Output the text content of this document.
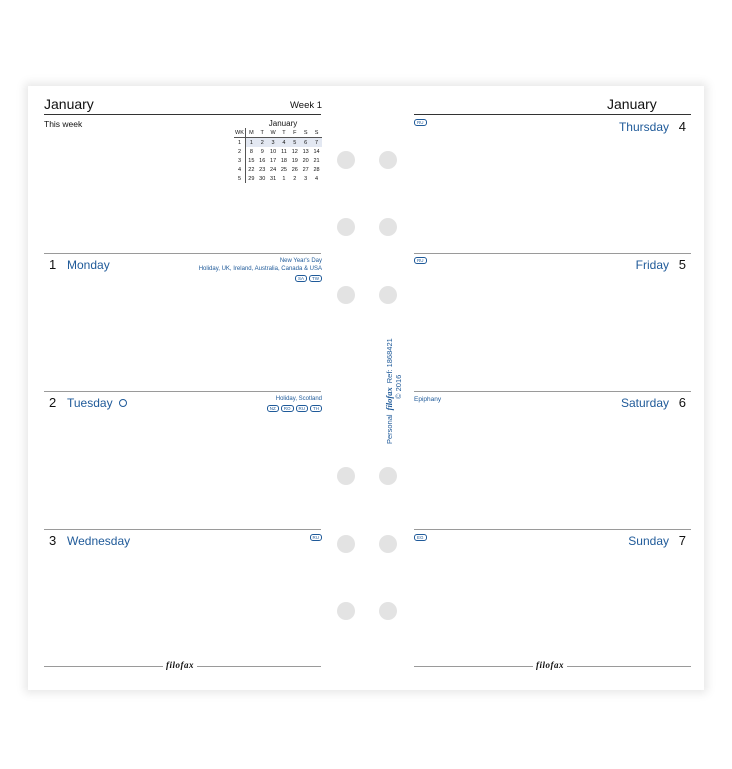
January	Week 1
This week	January
WK	M	T	W	T	F	S	S
1	1	2	3	4	5	6	7
2	8	9	10	11	12	13	14
3	15	16	17	18	19	20	21
4	22	23	24	25	26	27	28
5	29	30	31	1	2	3	4
1 Monday	New Year's Day
Holiday, UK, Ireland, Australia, Canada & USA
SA	TW
2 Tuesday	Holiday, Scotland
NZ	RO	RU	TH
3 Wednesday	RU
filofax
Personal
filofax
Ref: 1868421
© 2016
January
RU	Thursday 4
RU	Friday 5
Epiphany	Saturday 6
EG	Sunday 7
filofax
